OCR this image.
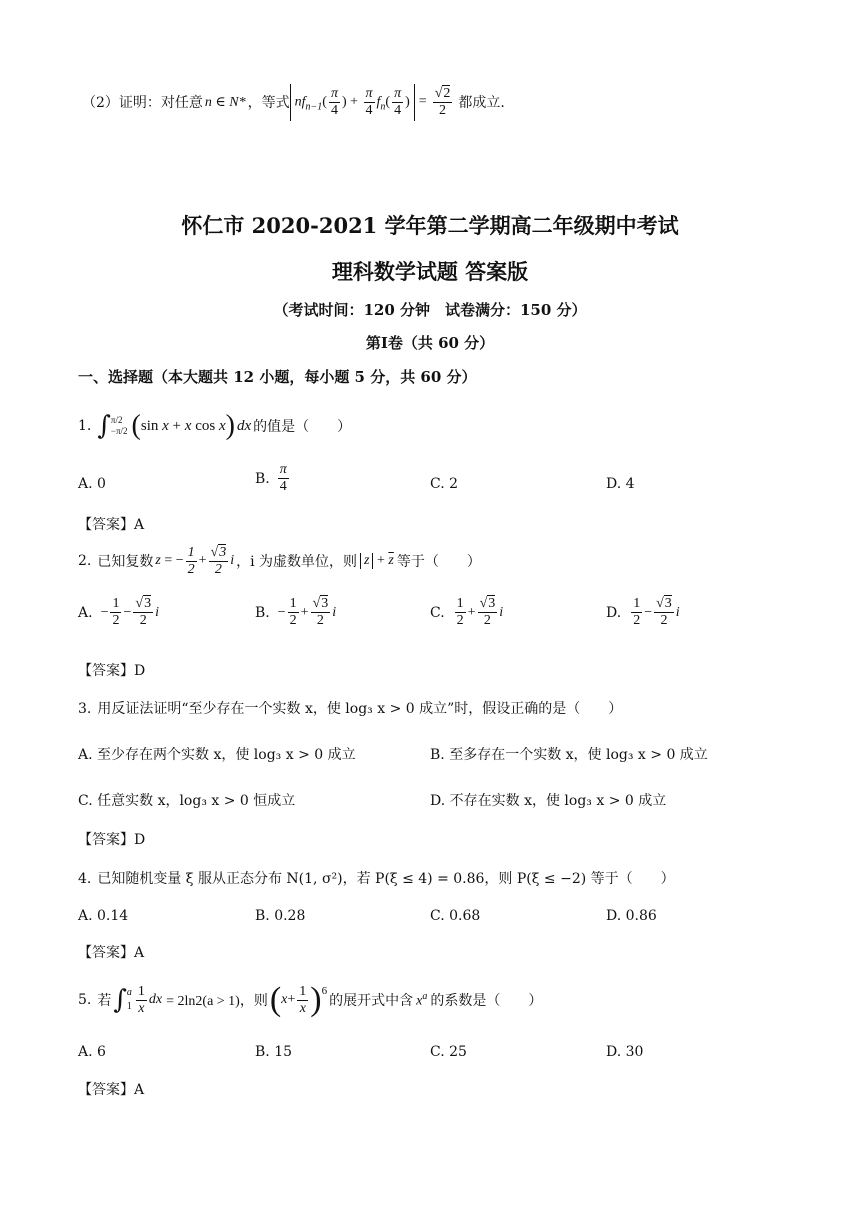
（2）证明：对任意 n ∈ N* ，等式 $nf_{n-1}( \frac{\pi}{4}$ ) + $\frac{\pi}{4} f_n( \frac{\pi}{4}$ ) = $\frac{√2}{2}$ 都成立.
怀仁市 2020-2021 学年第二学期高二年级期中考试
理科数学试题 答案版
（考试时间：120 分钟　试卷满分：150 分）
第Ⅰ卷（共 60 分）
一、选择题（本大题共 12 小题，每小题 5 分，共 60 分）
1. ∫ π/2
−π/2 ( sin x + x cos x ) dx 的值是（　　）
A. 0	B. $\frac{\pi}{4}$	C. 2	D. 4
【答案】A
2. 已知复数 z = − $\frac{1}{2} + \frac{√3}{2}$ i ，i 为虚数单位，则 $z + \overline{z}$ 等于（　　）
A. − $\frac{1}{2} - \frac{√3}{2}$ i	B. − $\frac{1}{2} + \frac{√3}{2}$ i	C. $\frac{1}{2} + \frac{√3}{2}$ i	D. $\frac{1}{2} - \frac{√3}{2}$ i
【答案】D
3. 用反证法证明“至少存在一个实数 x，使 log₃ x > 0 成立”时，假设正确的是（　　）
A. 至少存在两个实数 x，使 log₃ x > 0 成立	B. 至多存在一个实数 x，使 log₃ x > 0 成立
C. 任意实数 x，log₃ x > 0 恒成立	D. 不存在实数 x，使 log₃ x > 0 成立
【答案】D
4. 已知随机变量 ξ 服从正态分布 N(1, σ²)，若 P(ξ ≤ 4) = 0.86，则 P(ξ ≤ −2) 等于（　　）
A. 0.14	B. 0.28	C. 0.68	D. 0.86
【答案】A
5. 若 ∫ a
$1 \frac{1}{x}$ dx = 2ln2(a > 1)，则 ( $x + \frac{1}{x}$ ) 6
的展开式中含 $x^a$ 的系数是（　　）
A. 6	B. 15	C. 25	D. 30
【答案】A
